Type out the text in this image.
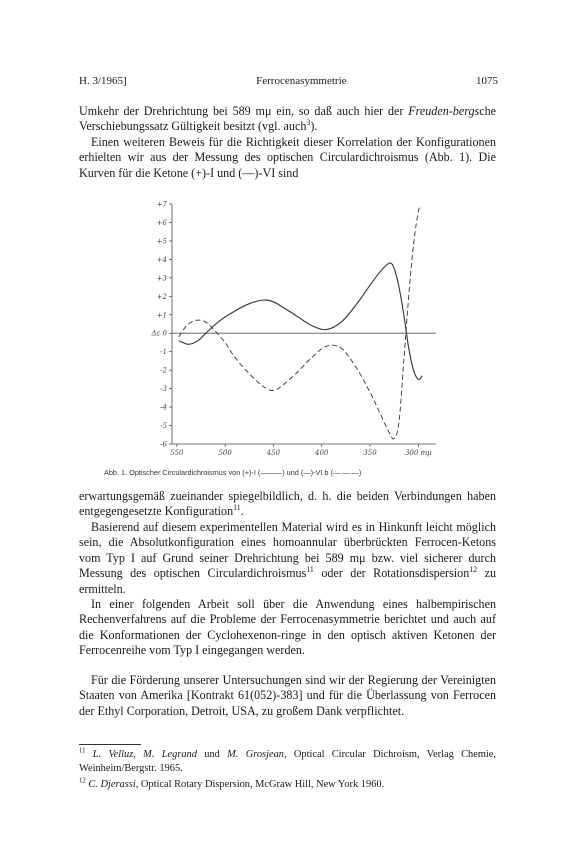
H. 3/1965]	Ferrocenasymmetrie	1075

Umkehr der Drehrichtung bei 589 mμ ein, so daß auch hier der Freuden-bergsche Verschiebungssatz Gültigkeit besitzt (vgl. auch$^3$).

Einen weiteren Beweis für die Richtigkeit dieser Korrelation der Konfigurationen erhielten wir aus der Messung des optischen Circulardichroismus (Abb. 1). Die Kurven für die Ketone (+)-I und (—)-VI sind

+7
+6
+5
+4
+3
+2
+1
Δε 0
-1
-2
-3
-4
-5
-6
550	500	450	400	350	300 mμ
Abb. 1. Optischer Circulardichroismus von (+)-I (———) und (—)-VI b (— — —)

erwartungsgemäß zueinander spiegelbildlich, d. h. die beiden Verbindungen haben entgegengesetzte Konfiguration$^{11}$.

Basierend auf diesem experimentellen Material wird es in Hinkunft leicht möglich sein, die Absolutkonfiguration eines homoannular überbrückten Ferrocen-Ketons vom Typ I auf Grund seiner Drehrichtung bei 589 mμ bzw. viel sicherer durch Messung des optischen Circulardichroismus$^{11}$ oder der Rotationsdispersion$^{12}$ zu ermitteln.

In einer folgenden Arbeit soll über die Anwendung eines halbempirischen Rechenverfahrens auf die Probleme der Ferrocenasymmetrie berichtet und auch auf die Konformationen der Cyclohexenon-ringe in den optisch aktiven Ketonen der Ferrocenreihe vom Typ I eingegangen werden.

Für die Förderung unserer Untersuchungen sind wir der Regierung der Vereinigten Staaten von Amerika [Kontrakt 61(052)-383] und für die Überlassung von Ferrocen der Ethyl Corporation, Detroit, USA, zu großem Dank verpflichtet.

$^{11}$ L. Velluz, M. Legrand und M. Grosjean, Optical Circular Dichroism, Verlag Chemie, Weinheim/Bergstr. 1965.

$^{12}$ C. Djerassi, Optical Rotary Dispersion, McGraw Hill, New York 1960.
